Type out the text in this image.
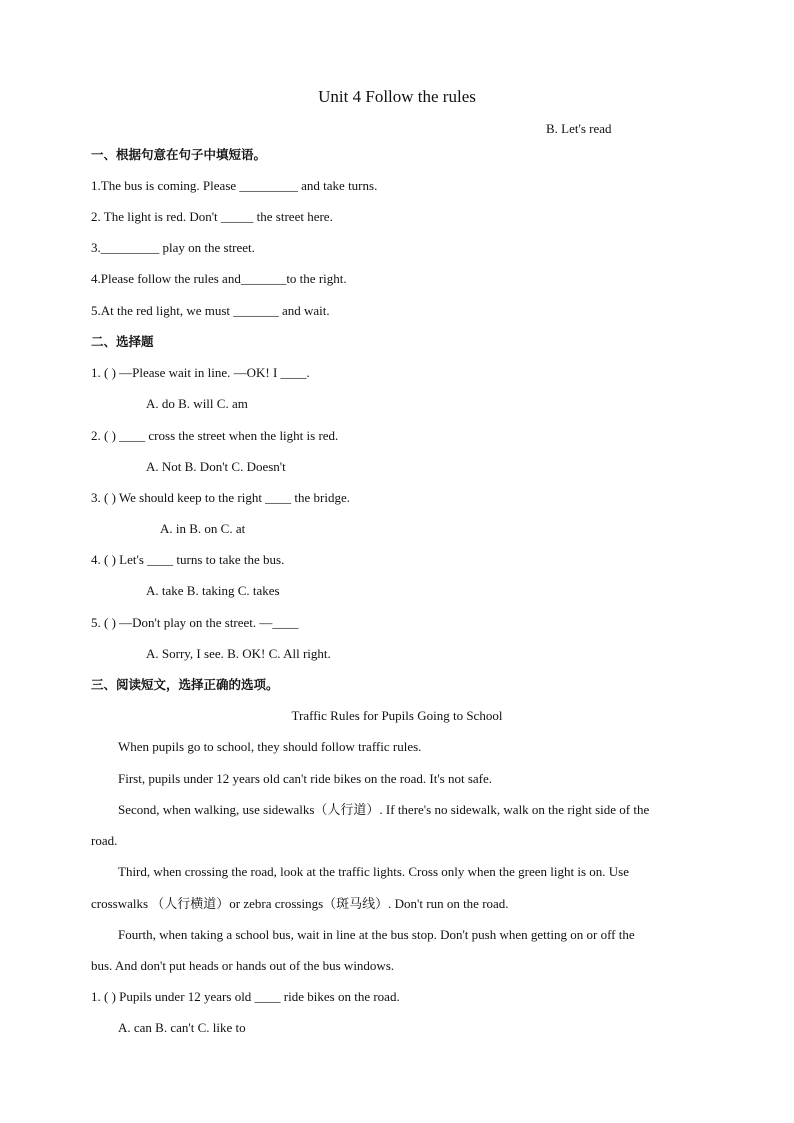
Unit 4 Follow the rules
B. Let's read
一、根据句意在句子中填短语。
1.The bus is coming. Please _________ and take turns.
2. The light is red. Don't _____ the street here.
3._________ play on the street.
4.Please follow the rules and_______to the right.
5.At the red light, we must _______ and wait.
二、选择题
1. ( ) —Please wait in line. —OK! I ____.
A. do B. will C. am
2. ( ) ____ cross the street when the light is red.
A. Not B. Don't C. Doesn't
3. ( ) We should keep to the right ____ the bridge.
A. in B. on C. at
4. ( ) Let's ____ turns to take the bus.
A. take B. taking C. takes
5. ( ) —Don't play on the street. —____
A. Sorry, I see. B. OK! C. All right.
三、阅读短文，选择正确的选项。
Traffic Rules for Pupils Going to School
When pupils go to school, they should follow traffic rules.
First, pupils under 12 years old can't ride bikes on the road. It's not safe.
Second, when walking, use sidewalks（人行道）. If there's no sidewalk, walk on the right side of the
road.
Third, when crossing the road, look at the traffic lights. Cross only when the green light is on. Use
crosswalks （人行横道）or zebra crossings（斑马线）. Don't run on the road.
Fourth, when taking a school bus, wait in line at the bus stop. Don't push when getting on or off the
bus. And don't put heads or hands out of the bus windows.
1. ( ) Pupils under 12 years old ____ ride bikes on the road.
A. can B. can't C. like to
